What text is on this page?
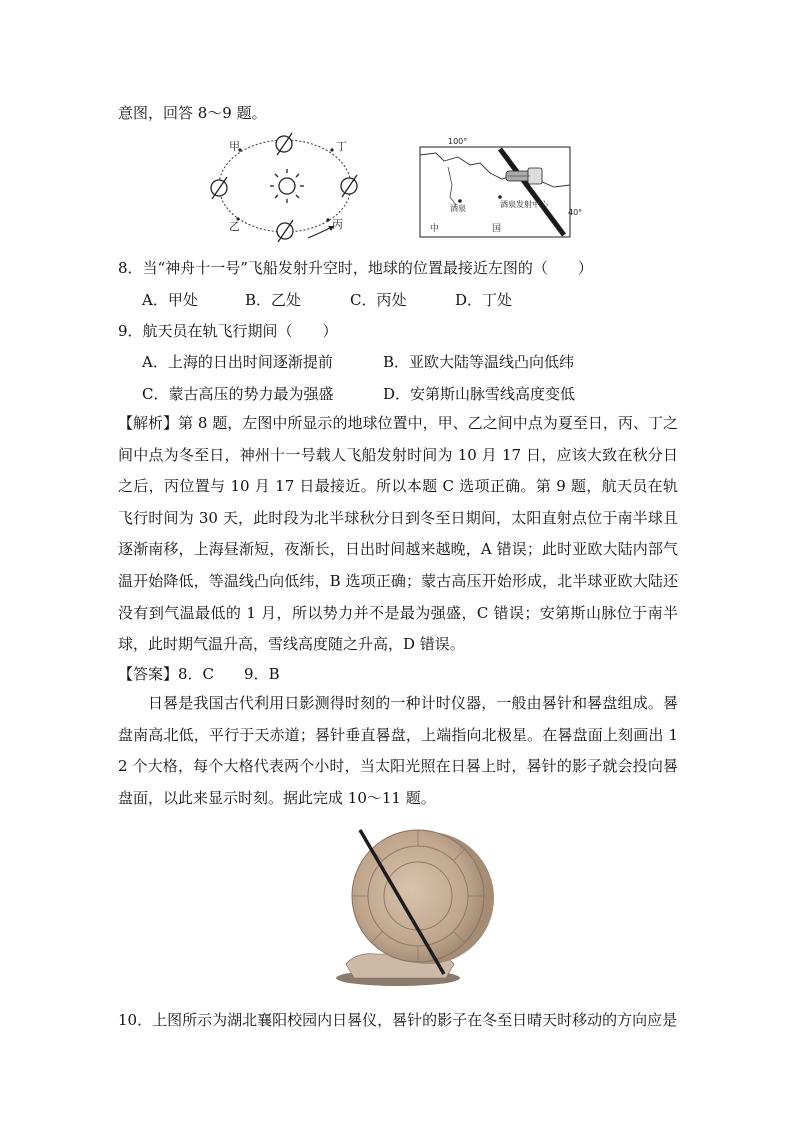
意图，回答 8～9 题。
甲	丁
乙	丙
100°
40°
酒泉	酒泉发射中心
中	国
8．当“神舟十一号”飞船发射升空时，地球的位置最接近左图的（　　）
A．甲处	B．乙处	C．丙处	D．丁处
9．航天员在轨飞行期间（　　）
A．上海的日出时间逐渐提前	B．亚欧大陆等温线凸向低纬
C．蒙古高压的势力最为强盛	D．安第斯山脉雪线高度变低
【解析】第 8 题，左图中所显示的地球位置中，甲、乙之间中点为夏至日，丙、丁之间中点为冬至日，神州十一号载人飞船发射时间为 10 月 17 日，应该大致在秋分日之后，丙位置与 10 月 17 日最接近。所以本题 C 选项正确。第 9 题，航天员在轨飞行时间为 30 天，此时段为北半球秋分日到冬至日期间，太阳直射点位于南半球且逐渐南移，上海昼渐短，夜渐长，日出时间越来越晚，A 错误；此时亚欧大陆内部气温开始降低，等温线凸向低纬，B 选项正确；蒙古高压开始形成，北半球亚欧大陆还没有到气温最低的 1 月，所以势力并不是最为强盛，C 错误；安第斯山脉位于南半球，此时期气温升高，雪线高度随之升高，D 错误。
【答案】8．C　　9．B
日晷是我国古代利用日影测得时刻的一种计时仪器，一般由晷针和晷盘组成。晷盘南高北低，平行于天赤道；晷针垂直晷盘，上端指向北极星。在晷盘面上刻画出 12 个大格，每个大格代表两个小时，当太阳光照在日晷上时，晷针的影子就会投向晷盘面，以此来显示时刻。据此完成 10～11 题。
10．上图所示为湖北襄阳校园内日晷仪，晷针的影子在冬至日晴天时移动的方向应是
